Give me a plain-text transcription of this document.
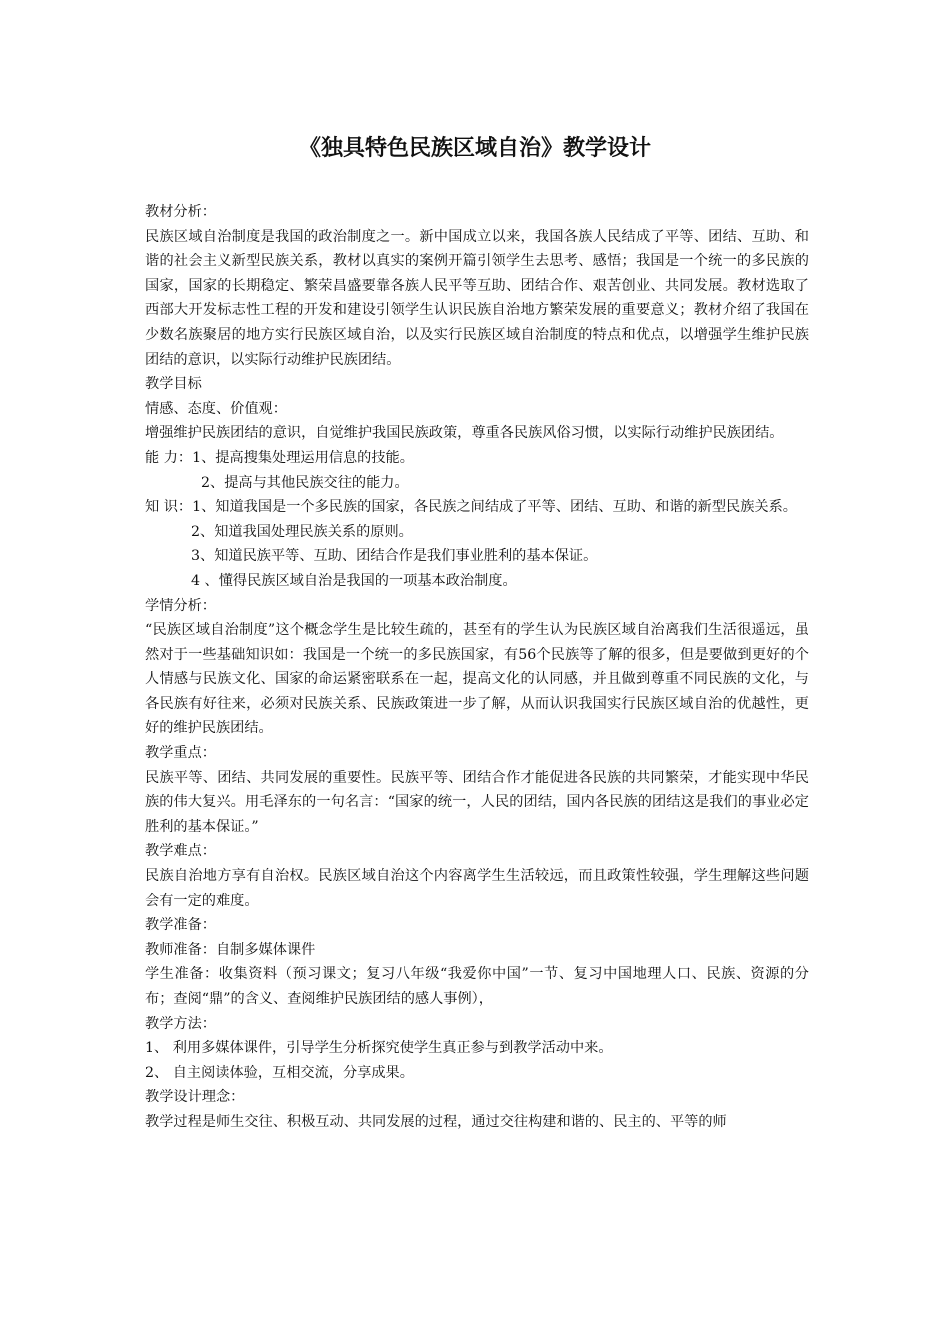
《独具特色民族区域自治》教学设计

教材分析：

民族区域自治制度是我国的政治制度之一。新中国成立以来，我国各族人民结成了平等、团结、互助、和谐的社会主义新型民族关系，教材以真实的案例开篇引领学生去思考、感悟；我国是一个统一的多民族的国家，国家的长期稳定、繁荣昌盛要靠各族人民平等互助、团结合作、艰苦创业、共同发展。教材选取了西部大开发标志性工程的开发和建设引领学生认识民族自治地方繁荣发展的重要意义；教材介绍了我国在少数名族聚居的地方实行民族区域自治，以及实行民族区域自治制度的特点和优点，以增强学生维护民族团结的意识，以实际行动维护民族团结。

教学目标

情感、态度、价值观：

增强维护民族团结的意识，自觉维护我国民族政策，尊重各民族风俗习惯，以实际行动维护民族团结。

能 力：1、提高搜集处理运用信息的技能。

2、提高与其他民族交往的能力。

知 识：1、知道我国是一个多民族的国家，各民族之间结成了平等、团结、互助、和谐的新型民族关系。

2、知道我国处理民族关系的原则。

3、知道民族平等、互助、团结合作是我们事业胜利的基本保证。

4 、懂得民族区域自治是我国的一项基本政治制度。

学情分析：

“民族区域自治制度”这个概念学生是比较生疏的，甚至有的学生认为民族区域自治离我们生活很遥远，虽然对于一些基础知识如：我国是一个统一的多民族国家，有56个民族等了解的很多，但是要做到更好的个人情感与民族文化、国家的命运紧密联系在一起，提高文化的认同感，并且做到尊重不同民族的文化，与各民族有好往来，必须对民族关系、民族政策进一步了解，从而认识我国实行民族区域自治的优越性，更好的维护民族团结。

教学重点：

民族平等、团结、共同发展的重要性。民族平等、团结合作才能促进各民族的共同繁荣，才能实现中华民族的伟大复兴。用毛泽东的一句名言：“国家的统一，人民的团结，国内各民族的团结这是我们的事业必定胜利的基本保证。”

教学难点：

民族自治地方享有自治权。民族区域自治这个内容离学生生活较远，而且政策性较强，学生理解这些问题会有一定的难度。

教学准备：

教师准备：自制多媒体课件

学生准备：收集资料（预习课文；复习八年级“我爱你中国”一节、复习中国地理人口、民族、资源的分布；查阅“鼎”的含义、查阅维护民族团结的感人事例），

教学方法：

1、 利用多媒体课件，引导学生分析探究使学生真正参与到教学活动中来。

2、 自主阅读体验，互相交流，分享成果。

教学设计理念：

教学过程是师生交往、积极互动、共同发展的过程，通过交往构建和谐的、民主的、平等的师
